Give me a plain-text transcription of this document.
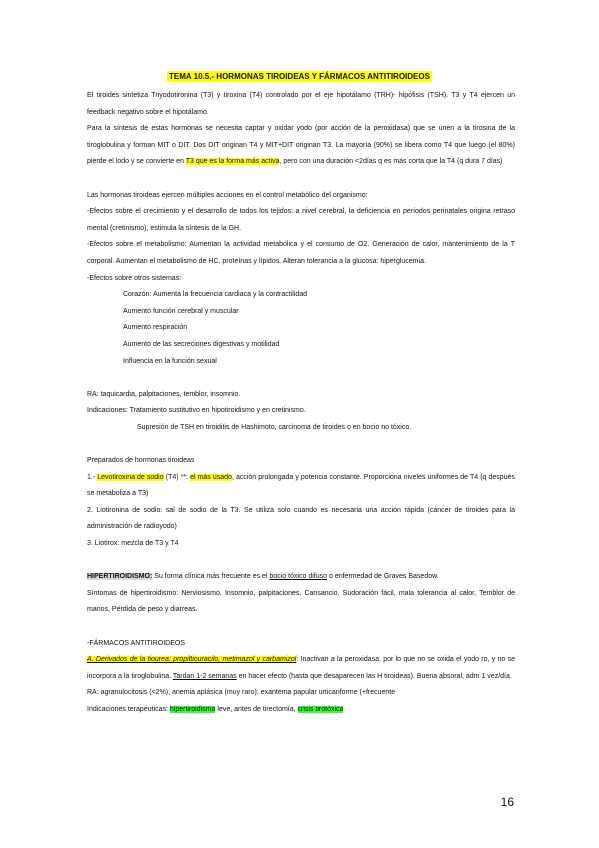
TEMA 10.5.- HORMONAS TIROIDEAS Y FÁRMACOS ANTITIROIDEOS

El tiroides sintetiza Triyodotironina (T3) y tiroxina (T4) controlado por el eje hipotálamo (TRH)- hipófisis (TSH). T3 y T4 ejercen un feedback negativo sobre el hipotálamo.

Para la síntesis de estas hormonas se necesita captar y oxidar yodo (por acción de la peroxidasa) que se unen a la tirosina de la tiroglobulina y forman MIT o DIT. Dos DIT originan T4 y MIT+DIT originan T3. La mayoría (90%) se libera como T4 que luego (el 80%) pierde el lodo y se convierte en T3 que es la forma más activa, pero con una duración <2días q es más corta que la T4 (q dura 7 días)

Las hormonas tiroideas ejercen múltiples acciones en el control metabólico del organismo:

-Efectos sobre el crecimiento y el desarrollo de todos los tejidos: a nivel cerebral, la deficiencia en períodos perinatales origina retraso mental (cretinismo), estimula la síntesis de la GH.

-Efectos sobre el metabolismo: Aumentan la actividad metabólica y el consumo de O2. Generación de calor, mantenimiento de la T corporal. Aumentan el metabolismo de HC, proteínas y lípidos. Alteran tolerancia a la glucosa: hiperglucemia.

-Efectos sobre otros sistemas:

Corazón: Aumenta la frecuencia cardiaca y la contractilidad

Aumento función cerebral y muscular

Aumento respiración

Aumento de las secreciones digestivas y motilidad

Influencia en la función sexual

RA: taquicardia, palpitaciones, temblor, insomnio.

Indicaciones: Tratamiento sustitutivo en hipotiroidismo y en cretinismo.

Supresión de TSH en tiroiditis de Hashimoto, carcinoma de tiroides o en bocio no tóxico.

Preparados de hormonas tiroideas

1.- Levotiroxina de sodio (T4) **: el más usado, acción prolongada y potencia constante. Proporciona niveles uniformes de T4 (q después se metaboliza a T3)

2. Liotironina de sodio: sal de sodio de la T3. Se utiliza solo cuando es necesaria una acción rápida (cáncer de tiroides para la administración de radioyodo)

3. Liotirox: mezcla de T3 y T4

HIPERTIROIDISMO: Su forma clínica más frecuente es el bocio tóxico difuso o enfermedad de Graves Basedow.

Síntomas de hipertiroidismo: Nerviosismo, Insomnio, palpitaciones, Cansancio, Sudoración fácil, mala tolerancia al calor, Temblor de manos, Pérdida de peso y diarreas.

-FÁRMACOS ANTITIROIDEOS

A. Derivados de la tiourea: propiltiouracilo, metimazol y carbamizol: Inactivan a la peroxidasa, por lo que no se oxida el yodo ro, y no se incorpora a la tiroglobulina. Tardan 1-2 semanas en hacer efecto (hasta que desaparecen las H tiroideas). Buena absoral, adm 1 vez/día.

RA: agranulocitosis (<2%); anemia aplásica (muy raro); exantema papular urticariforme (+frecuente

Indicaciones terapéuticas: hipertiroidismo leve, antes de tirectomía, crisis tirotóxica

16
